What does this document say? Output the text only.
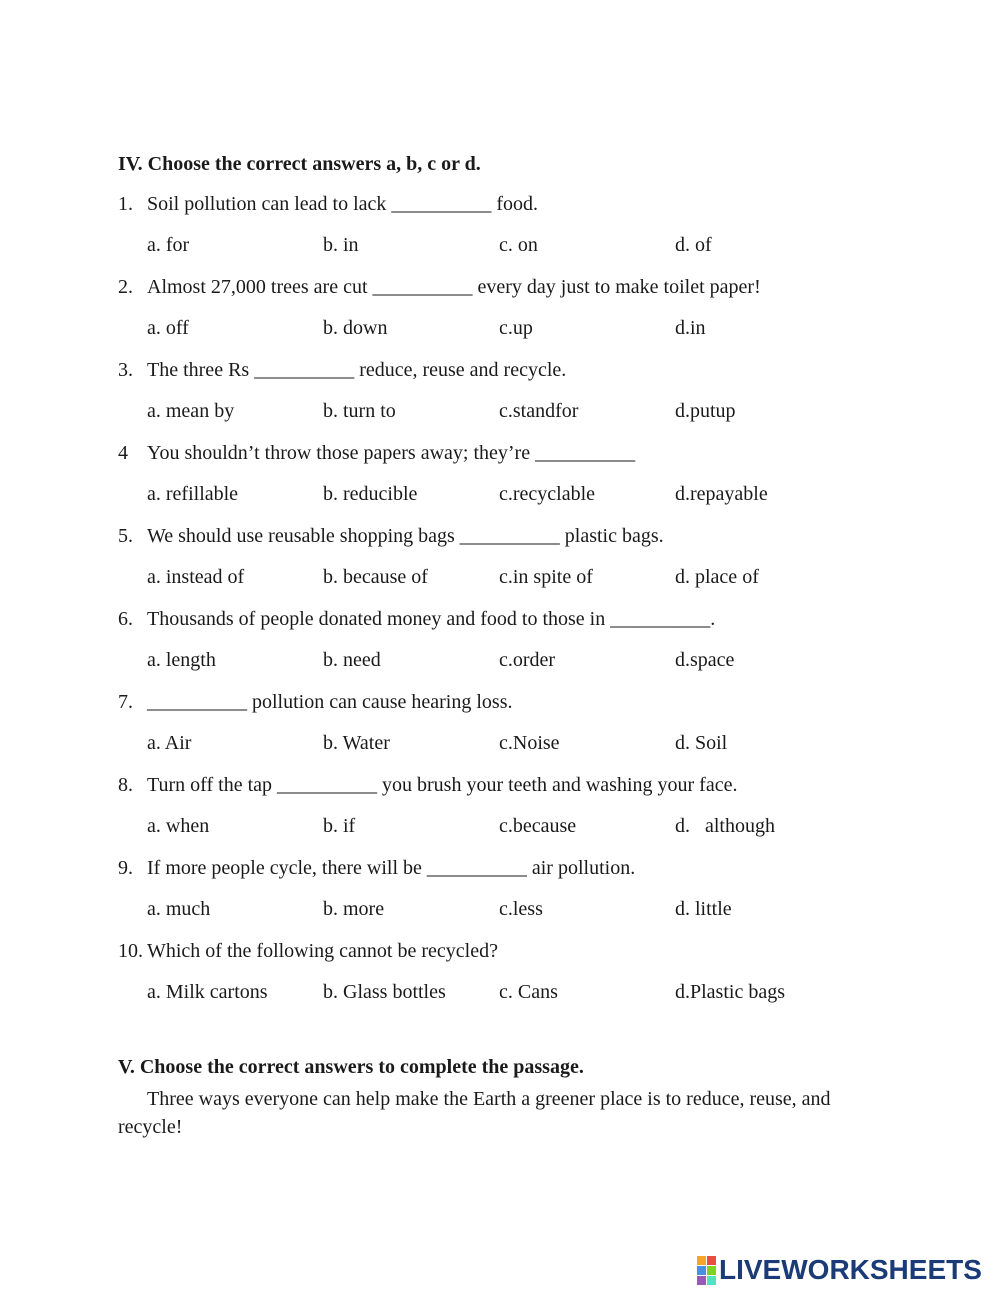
IV. Choose the correct answers a, b, c or d.
1. Soil pollution can lead to lack __________ food.
a. for	b. in	c. on	d. of
2. Almost 27,000 trees are cut __________ every day just to make toilet paper!
a. off	b. down	c.up	d.in
3. The three Rs __________ reduce, reuse and recycle.
a. mean by	b. turn to	c.standfor	d.putup
4 You shouldn’t throw those papers away; they’re __________
a. refillable	b. reducible	c.recyclable	d.repayable
5. We should use reusable shopping bags __________ plastic bags.
a. instead of	b. because of	c.in spite of	d. place of
6. Thousands of people donated money and food to those in __________.
a. length	b. need	c.order	d.space
7. __________ pollution can cause hearing loss.
a. Air	b. Water	c.Noise	d. Soil
8. Turn off the tap __________ you brush your teeth and washing your face.
a. when	b. if	c.because	d.   although
9. If more people cycle, there will be __________ air pollution.
a. much	b. more	c.less	d. little
10. Which of the following cannot be recycled?
a. Milk cartons	b. Glass bottles	c. Cans	d.Plastic bags
V. Choose the correct answers to complete the passage.
Three ways everyone can help make the Earth a greener place is to reduce, reuse, and
recycle!
LIVEWORKSHEETS
